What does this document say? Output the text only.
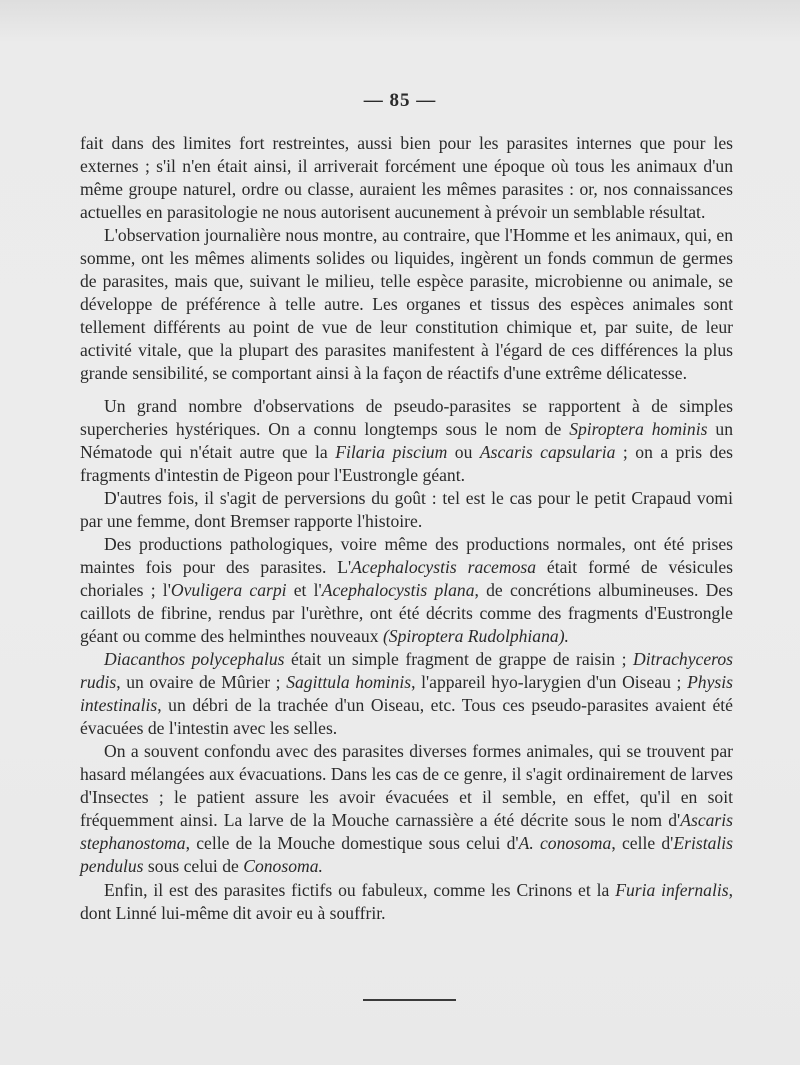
— 85 —

fait dans des limites fort restreintes, aussi bien pour les parasites internes que pour les externes ; s'il n'en était ainsi, il arriverait forcément une époque où tous les animaux d'un même groupe naturel, ordre ou classe, auraient les mêmes parasites : or, nos connaissances actuelles en parasitologie ne nous autorisent aucunement à prévoir un semblable résultat.

L'observation journalière nous montre, au contraire, que l'Homme et les animaux, qui, en somme, ont les mêmes aliments solides ou liquides, ingèrent un fonds commun de germes de parasites, mais que, suivant le milieu, telle espèce parasite, microbienne ou animale, se développe de préférence à telle autre. Les organes et tissus des espèces animales sont tellement différents au point de vue de leur constitution chimique et, par suite, de leur activité vitale, que la plupart des parasites manifestent à l'égard de ces différences la plus grande sensibilité, se comportant ainsi à la façon de réactifs d'une extrême délicatesse.

Un grand nombre d'observations de pseudo-parasites se rapportent à de simples supercheries hystériques. On a connu longtemps sous le nom de Spiroptera hominis un Nématode qui n'était autre que la Filaria piscium ou Ascaris capsularia ; on a pris des fragments d'intestin de Pigeon pour l'Eustrongle géant.

D'autres fois, il s'agit de perversions du goût : tel est le cas pour le petit Crapaud vomi par une femme, dont Bremser rapporte l'histoire.

Des productions pathologiques, voire même des productions normales, ont été prises maintes fois pour des parasites. L'Acephalocystis racemosa était formé de vésicules choriales ; l'Ovuligera carpi et l'Acephalocystis plana, de concrétions albumineuses. Des caillots de fibrine, rendus par l'urèthre, ont été décrits comme des fragments d'Eustrongle géant ou comme des helminthes nouveaux (Spiroptera Rudolphiana).

Diacanthos polycephalus était un simple fragment de grappe de raisin ; Ditrachyceros rudis, un ovaire de Mûrier ; Sagittula hominis, l'appareil hyo-larygien d'un Oiseau ; Physis intestinalis, un débri de la trachée d'un Oiseau, etc. Tous ces pseudo-parasites avaient été évacuées de l'intestin avec les selles.

On a souvent confondu avec des parasites diverses formes animales, qui se trouvent par hasard mélangées aux évacuations. Dans les cas de ce genre, il s'agit ordinairement de larves d'Insectes ; le patient assure les avoir évacuées et il semble, en effet, qu'il en soit fréquemment ainsi. La larve de la Mouche carnassière a été décrite sous le nom d'Ascaris stephanostoma, celle de la Mouche domestique sous celui d'A. conosoma, celle d'Eristalis pendulus sous celui de Conosoma.

Enfin, il est des parasites fictifs ou fabuleux, comme les Crinons et la Furia infernalis, dont Linné lui-même dit avoir eu à souffrir.
